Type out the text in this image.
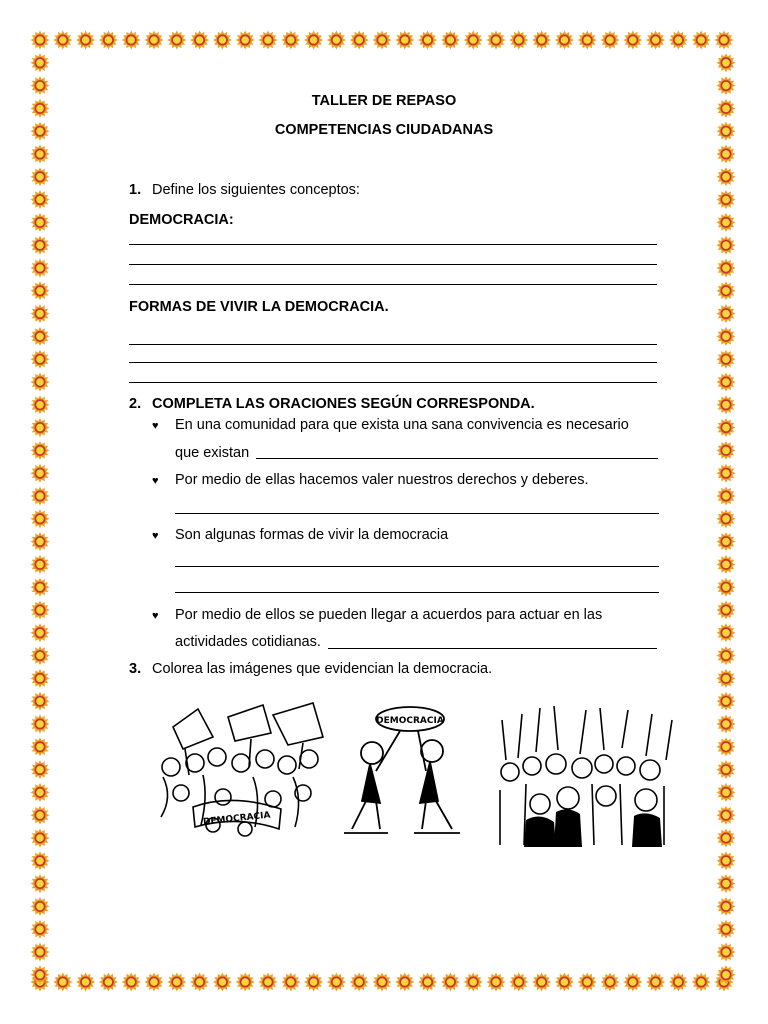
TALLER DE REPASO
COMPETENCIAS CIUDADANAS
1. Define los siguientes conceptos:
DEMOCRACIA:
FORMAS DE VIVIR LA DEMOCRACIA.
2. COMPLETA LAS ORACIONES SEGÚN CORRESPONDA.
♥ En una comunidad para que exista una sana convivencia es necesario
que existan
♥ Por medio de ellas hacemos valer nuestros derechos y deberes.
♥ Son algunas formas de vivir la democracia
♥ Por medio de ellos se pueden llegar a acuerdos para actuar en las
actividades cotidianas.
3. Colorea las imágenes que evidencian la democracia.
DEMOCRACIA
DEMOCRACIA
